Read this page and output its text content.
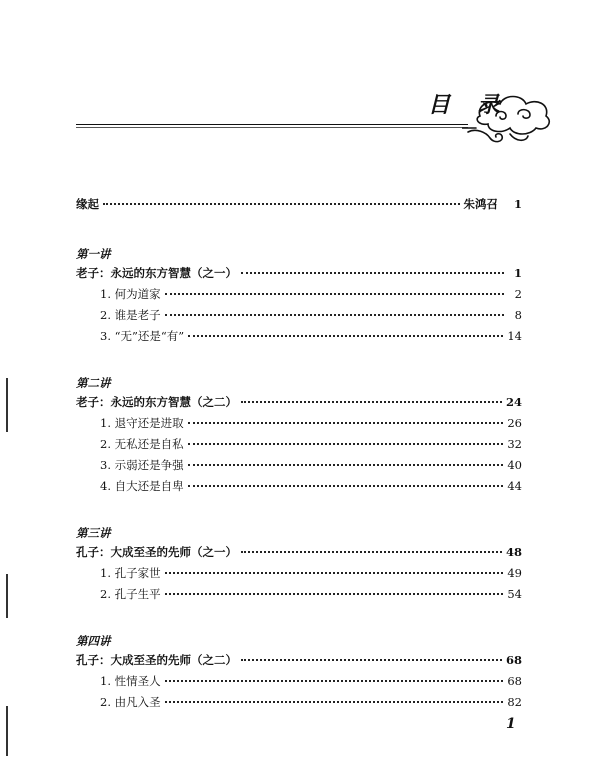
目 录
缘起	朱鸿召	1
第一讲
老子：永远的东方智慧（之一）	1
1. 何为道家	2
2. 谁是老子	8
3. “无”还是“有”	14
第二讲
老子：永远的东方智慧（之二）	24
1. 退守还是进取	26
2. 无私还是自私	32
3. 示弱还是争强	40
4. 自大还是自卑	44
第三讲
孔子：大成至圣的先师（之一）	48
1. 孔子家世	49
2. 孔子生平	54
第四讲
孔子：大成至圣的先师（之二）	68
1. 性情圣人	68
2. 由凡入圣	82
1
